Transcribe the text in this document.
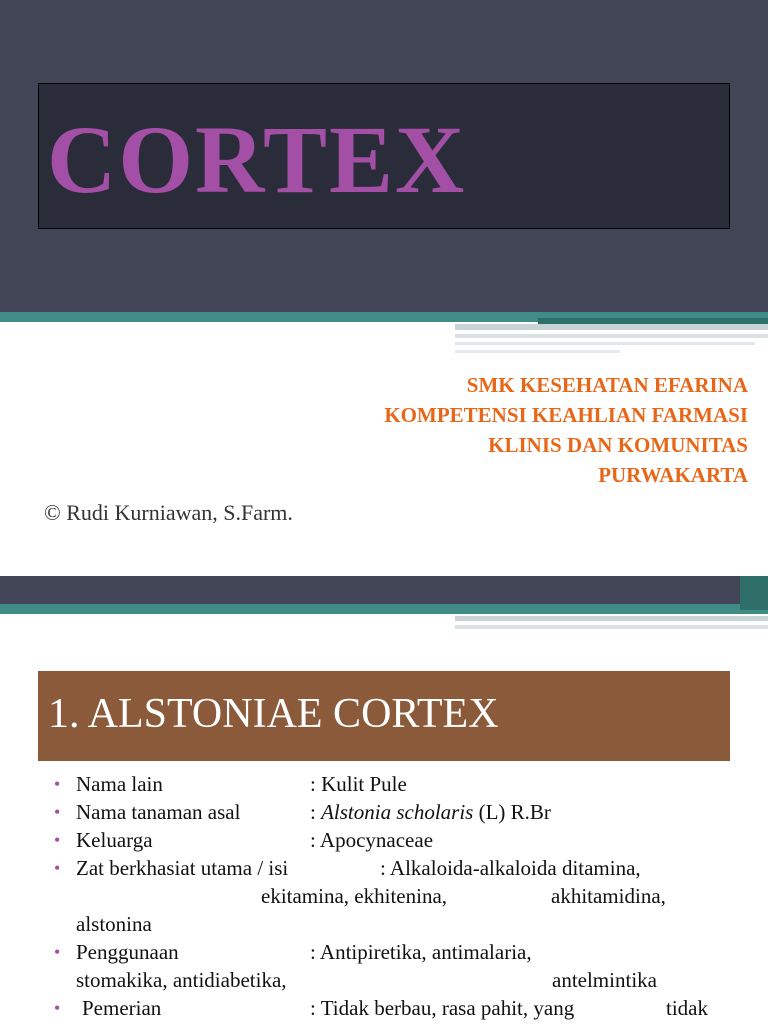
CORTEX
SMK KESEHATAN EFARINA
KOMPETENSI KEAHLIAN FARMASI
KLINIS DAN KOMUNITAS
PURWAKARTA
© Rudi Kurniawan, S.Farm.
1. ALSTONIAE CORTEX
• Nama lain	: Kulit Pule
• Nama tanaman asal	: Alstonia scholaris (L) R.Br
• Keluarga	: Apocynaceae
• Zat berkhasiat utama / isi	: Alkaloida-alkaloida ditamina,
ekitamina, ekhitenina,	akhitamidina,
alstonina
• Penggunaan	: Antipiretika, antimalaria,
stomakika, antidiabetika,	antelmintika
• Pemerian	: Tidak berbau, rasa pahit, yang	tidak
